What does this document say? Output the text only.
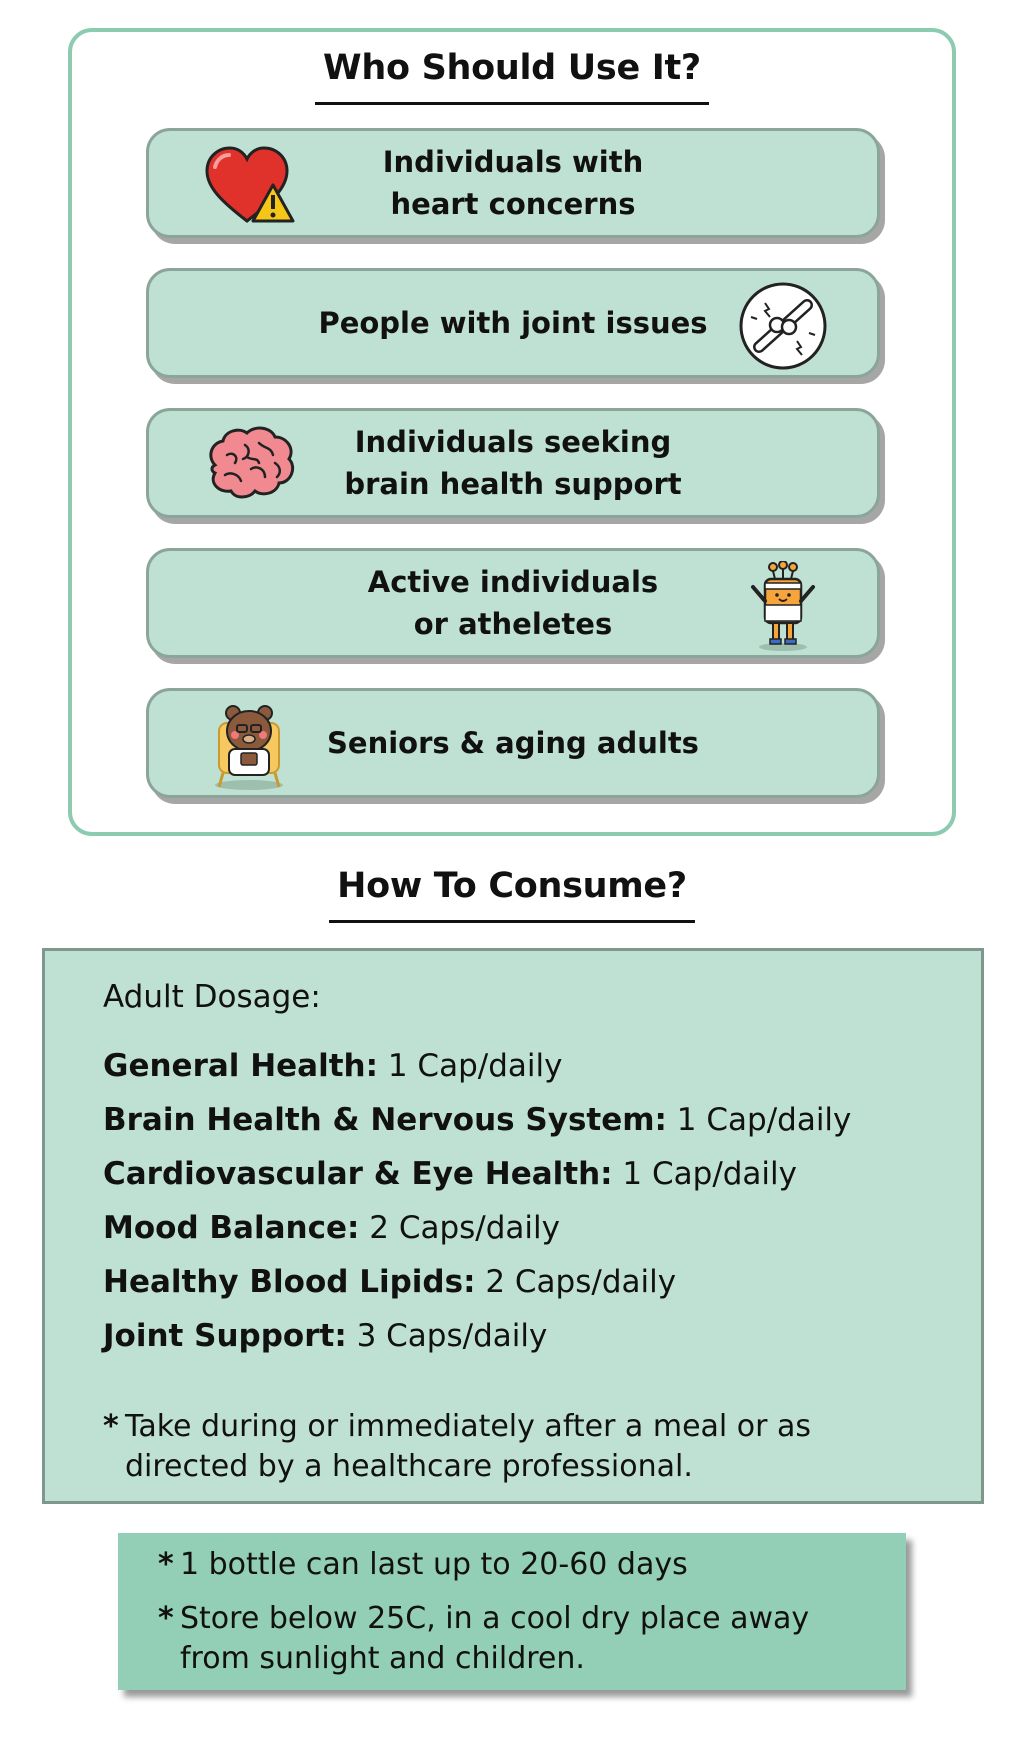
Who Should Use It?
Individuals with
heart concerns
People with joint issues
Individuals seeking
brain health support
Active individuals
or atheletes
Seniors & aging adults
How To Consume?
Adult Dosage:
General Health: 1 Cap/daily
Brain Health & Nervous System: 1 Cap/daily
Cardiovascular & Eye Health: 1 Cap/daily
Mood Balance: 2 Caps/daily
Healthy Blood Lipids: 2 Caps/daily
Joint Support: 3 Caps/daily
* Take during or immediately after a meal or as directed by a healthcare professional.
* 1 bottle can last up to 20-60 days
* Store below 25C, in a cool dry place away from sunlight and children.
